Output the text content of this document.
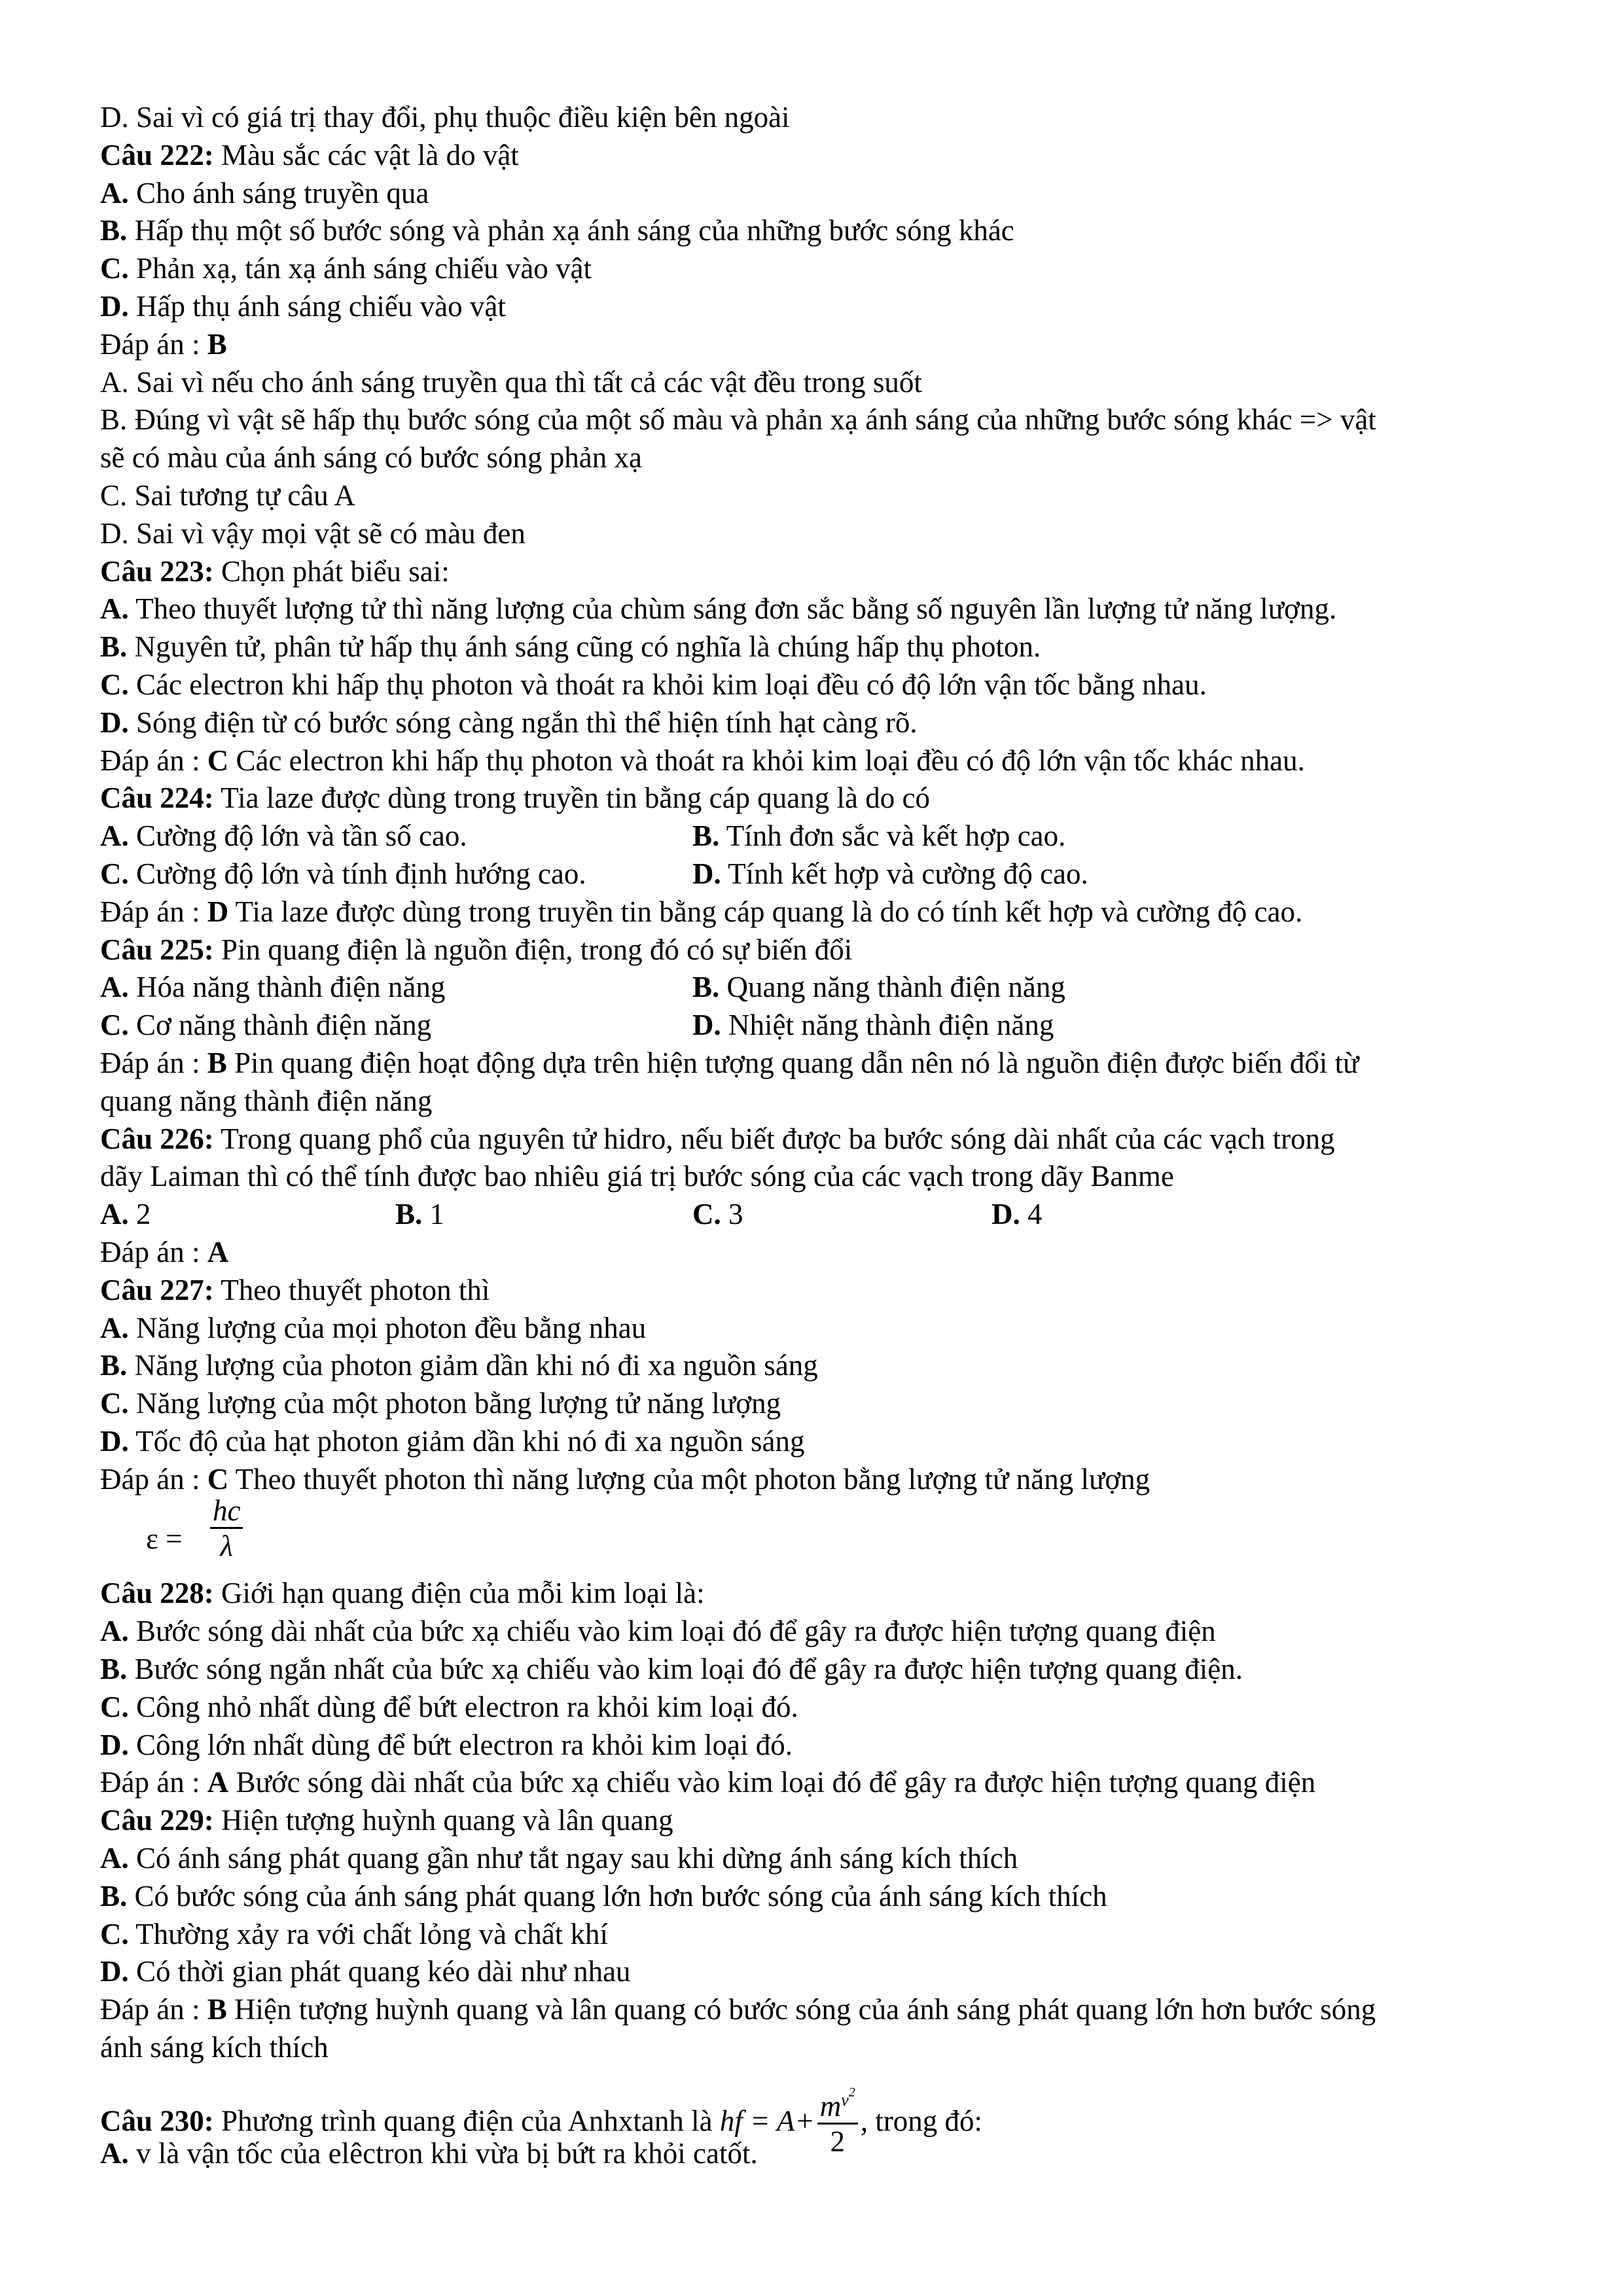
D. Sai vì có giá trị thay đổi, phụ thuộc điều kiện bên ngoài
Câu 222: Màu sắc các vật là do vật
A. Cho ánh sáng truyền qua
B. Hấp thụ một số bước sóng và phản xạ ánh sáng của những bước sóng khác
C. Phản xạ, tán xạ ánh sáng chiếu vào vật
D. Hấp thụ ánh sáng chiếu vào vật
Đáp án : B
A. Sai vì nếu cho ánh sáng truyền qua thì tất cả các vật đều trong suốt
B. Đúng vì vật sẽ hấp thụ bước sóng của một số màu và phản xạ ánh sáng của những bước sóng khác => vật
sẽ có màu của ánh sáng có bước sóng phản xạ
C. Sai tương tự câu A
D. Sai vì vậy mọi vật sẽ có màu đen
Câu 223: Chọn phát biểu sai:
A. Theo thuyết lượng tử thì năng lượng của chùm sáng đơn sắc bằng số nguyên lần lượng tử năng lượng.
B. Nguyên tử, phân tử hấp thụ ánh sáng cũng có nghĩa là chúng hấp thụ photon.
C. Các electron khi hấp thụ photon và thoát ra khỏi kim loại đều có độ lớn vận tốc bằng nhau.
D. Sóng điện từ có bước sóng càng ngắn thì thể hiện tính hạt càng rõ.
Đáp án : C Các electron khi hấp thụ photon và thoát ra khỏi kim loại đều có độ lớn vận tốc khác nhau.
Câu 224: Tia laze được dùng trong truyền tin bằng cáp quang là do có
A. Cường độ lớn và tần số cao.	B. Tính đơn sắc và kết hợp cao.
C. Cường độ lớn và tính định hướng cao.	D. Tính kết hợp và cường độ cao.
Đáp án : D Tia laze được dùng trong truyền tin bằng cáp quang là do có tính kết hợp và cường độ cao.
Câu 225: Pin quang điện là nguồn điện, trong đó có sự biến đổi
A. Hóa năng thành điện năng	B. Quang năng thành điện năng
C. Cơ năng thành điện năng	D. Nhiệt năng thành điện năng
Đáp án : B Pin quang điện hoạt động dựa trên hiện tượng quang dẫn nên nó là nguồn điện được biến đổi từ
quang năng thành điện năng
Câu 226: Trong quang phổ của nguyên tử hidro, nếu biết được ba bước sóng dài nhất của các vạch trong
dãy Laiman thì có thể tính được bao nhiêu giá trị bước sóng của các vạch trong dãy Banme
A. 2	B. 1	C. 3	D. 4
Đáp án : A
Câu 227: Theo thuyết photon thì
A. Năng lượng của mọi photon đều bằng nhau
B. Năng lượng của photon giảm dần khi nó đi xa nguồn sáng
C. Năng lượng của một photon bằng lượng tử năng lượng
D. Tốc độ của hạt photon giảm dần khi nó đi xa nguồn sáng
Đáp án : C Theo thuyết photon thì năng lượng của một photon bằng lượng tử năng lượng
$\varepsilon = \frac{hc}{\lambda}$
Câu 228: Giới hạn quang điện của mỗi kim loại là:
A. Bước sóng dài nhất của bức xạ chiếu vào kim loại đó để gây ra được hiện tượng quang điện
B. Bước sóng ngắn nhất của bức xạ chiếu vào kim loại đó để gây ra được hiện tượng quang điện.
C. Công nhỏ nhất dùng để bứt electron ra khỏi kim loại đó.
D. Công lớn nhất dùng để bứt electron ra khỏi kim loại đó.
Đáp án : A Bước sóng dài nhất của bức xạ chiếu vào kim loại đó để gây ra được hiện tượng quang điện
Câu 229: Hiện tượng huỳnh quang và lân quang
A. Có ánh sáng phát quang gần như tắt ngay sau khi dừng ánh sáng kích thích
B. Có bước sóng của ánh sáng phát quang lớn hơn bước sóng của ánh sáng kích thích
C. Thường xảy ra với chất lỏng và chất khí
D. Có thời gian phát quang kéo dài như nhau
Đáp án : B Hiện tượng huỳnh quang và lân quang có bước sóng của ánh sáng phát quang lớn hơn bước sóng
ánh sáng kích thích
Câu 230: Phương trình quang điện của Anhxtanh là hf = $A+ \frac{m^{v2}}{2}$ , trong đó:
A. v là vận tốc của elêctron khi vừa bị bứt ra khỏi catốt.
